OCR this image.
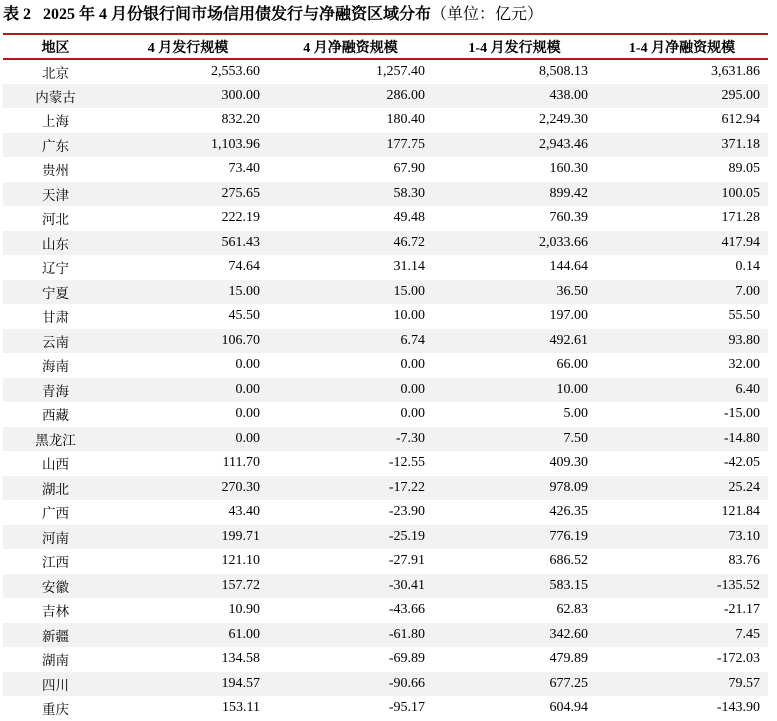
表 2 2025 年 4 月份银行间市场信用债发行与净融资区域分布（单位：亿元）
地区	4 月发行规模	4 月净融资规模	1-4 月发行规模	1-4 月净融资规模
北京	2,553.60	1,257.40	8,508.13	3,631.86
内蒙古	300.00	286.00	438.00	295.00
上海	832.20	180.40	2,249.30	612.94
广东	1,103.96	177.75	2,943.46	371.18
贵州	73.40	67.90	160.30	89.05
天津	275.65	58.30	899.42	100.05
河北	222.19	49.48	760.39	171.28
山东	561.43	46.72	2,033.66	417.94
辽宁	74.64	31.14	144.64	0.14
宁夏	15.00	15.00	36.50	7.00
甘肃	45.50	10.00	197.00	55.50
云南	106.70	6.74	492.61	93.80
海南	0.00	0.00	66.00	32.00
青海	0.00	0.00	10.00	6.40
西藏	0.00	0.00	5.00	-15.00
黑龙江	0.00	-7.30	7.50	-14.80
山西	111.70	-12.55	409.30	-42.05
湖北	270.30	-17.22	978.09	25.24
广西	43.40	-23.90	426.35	121.84
河南	199.71	-25.19	776.19	73.10
江西	121.10	-27.91	686.52	83.76
安徽	157.72	-30.41	583.15	-135.52
吉林	10.90	-43.66	62.83	-21.17
新疆	61.00	-61.80	342.60	7.45
湖南	134.58	-69.89	479.89	-172.03
四川	194.57	-90.66	677.25	79.57
重庆	153.11	-95.17	604.94	-143.90
